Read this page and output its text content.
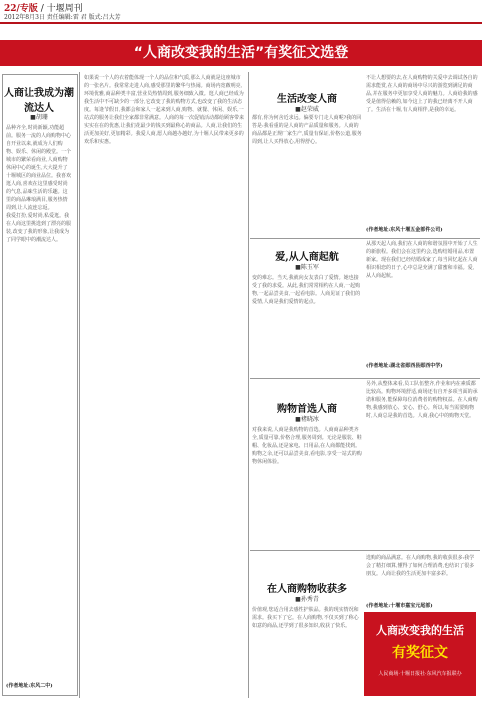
22/专版 / 十堰周刊
2012年8月3日 责任编辑:雷 君 版式:吕大芳
“人商改变我的生活”有奖征文选登
人商让我成为潮流达人
■胡珊
品种齐全,时尚新颖,功能超前。服务一流的人商购物中心自开业以来,就成为人们购物、娱乐、休闲的殿堂。一个城市的繁荣看商业,人商购物休闲中心的诞生,大大提升了十堰城区的商业品位。我喜欢逛人商,喜欢在这里感受时尚的气息,品味生活的乐趣。这里的商品琳琅满目,服务热情周到,让人流连忘返。
我爱打扮,爱时尚,私爱逛。我在人商这里挑选到了漂亮的服装,改变了我的形象,让我成为了同学眼中的潮流达人。
(作者地址:东风二中)
如果说一个人的衣着能体现一个人的品位和气质,那么人商就是这座城市的一张名片。我常常走进人商,感受那里的繁华与热闹。商场内宽敞明亮,环境优雅,商品种类丰富,营业员热情周到,服务细致入微。逛人商已经成为我生活中不可缺少的一部分,它改变了我的购物方式,也改变了我的生活态度。每逢节假日,我都会和家人一起来到人商,购物、就餐、休闲、娱乐,一站式的服务让我们全家都非常满意。人商的每一次促销活动都给顾客带来实实在在的优惠,让我们花最少的钱买到最称心的商品。人商,让我们的生活更加美好,更加精彩。我爱人商,愿人商越办越好,为十堰人民带来更多的欢乐和实惠。
生活改变人商
■赵荣威
都有,你为何舍近求远。偏要专门走人商呢?我的回答是:我看重的是人商的产品质量和服务。人商的商品都是正规厂家生产,质量有保证,价格公道,服务周到,让人买得放心,用得舒心。
不让人想要的去,在人商购物的关爱中去调试各自的需求能赏,在人商的商场中尽兴的游览到满足的商品,并在服务中更加享受人商的魅力。人商给我的感受是值得信赖的,如今这上了的我已经离不开人商了。生活在十堰,有人商相伴,是我的幸运。
(作者地址:东风十堰五金部件公司)
爱,从人商起航
■陈玉军
变的难忘。当天,我就向女友表白了爱情。她也接受了我的求爱。从此,我们常常相约在人商,一起购物,一起品尝美食,一起看电影。人商见证了我们的爱情,人商是我们爱情的起点。
从那天起人商,我们在人商的和谐氛围中开始了人生的新旅程。我们会在这里约会,选购结婚用品,布置新家。现在我们已经结婚成家了,每当回忆起在人商相识相恋的日子,心中总是充满了甜蜜和幸福。爱,从人商起航。
(作者地址:湖北省郧西县郧西中学)
购物首选人商
■褚晓冰
对我来说,人商是我购物的首选。人商商品种类齐全,质量可靠,价格合理,服务周到。无论是服装、鞋帽、化妆品,还是家电、日用品,在人商都能找到。购物之余,还可以品尝美食,看电影,享受一站式的购物休闲体验。
另外,从整体来看,员工队伍整齐,作业和内在素质都比较高。购物环境舒适,商场还有自开多项当面的承诺和服务,能保障每位消费者的购物权益。在人商购物,我感到放心、安心、舒心。所以,每当需要购物时,人商总是我的首选。人商,我心中的购物天堂。
在人商购物收获多
■孙秀青
价值观,您适合用去感性护肤品。我的现实情况和需求。我买下了它。在人商购物,不仅买到了称心如意的商品,还学到了很多知识,收获了快乐。
选购的商品满意。在人商购物,我的收获很多:我学会了精打细算,懂得了如何合理消费,也结识了很多朋友。人商让我的生活更加丰富多彩。
(作者地址:十堰市嘉宝元尾部)
人商改变我的生活
有奖征文
人民商场·十堰日报社·东风汽车报联办
